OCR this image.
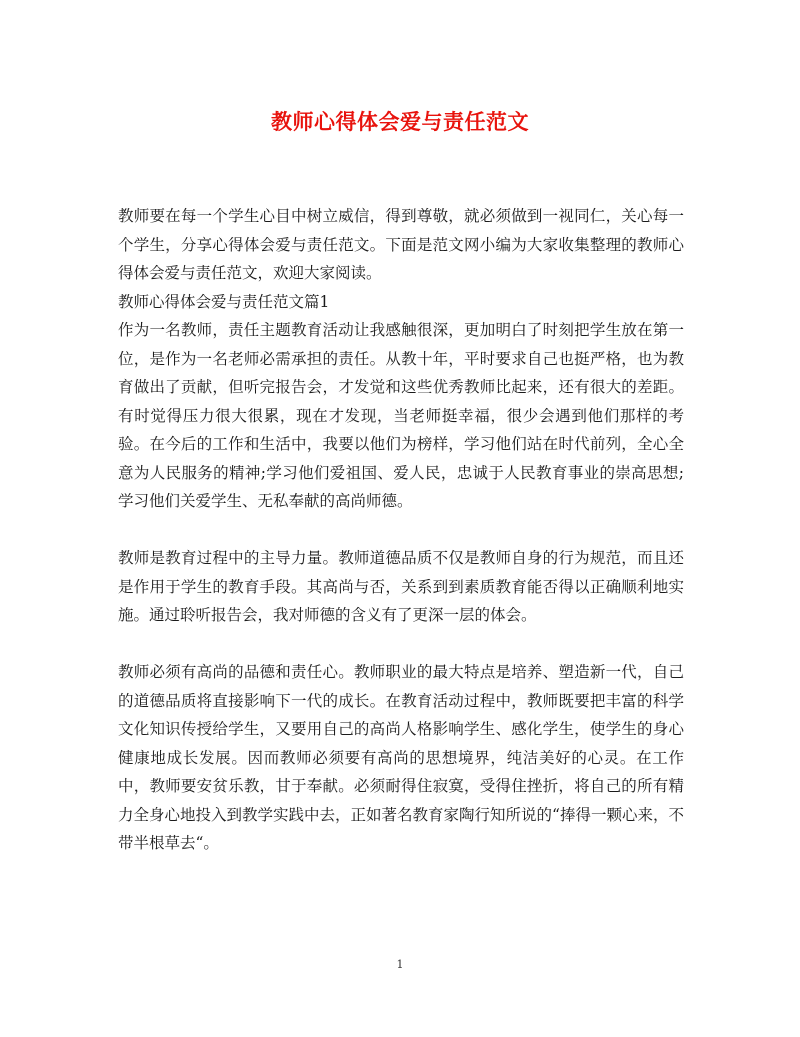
教师心得体会爱与责任范文

教师要在每一个学生心目中树立威信，得到尊敬，就必须做到一视同仁，关心每一个学生，分享心得体会爱与责任范文。下面是范文网小编为大家收集整理的教师心得体会爱与责任范文，欢迎大家阅读。

教师心得体会爱与责任范文篇1

作为一名教师，责任主题教育活动让我感触很深，更加明白了时刻把学生放在第一位，是作为一名老师必需承担的责任。从教十年，平时要求自己也挺严格，也为教育做出了贡献，但听完报告会，才发觉和这些优秀教师比起来，还有很大的差距。有时觉得压力很大很累，现在才发现，当老师挺幸福，很少会遇到他们那样的考验。在今后的工作和生活中，我要以他们为榜样，学习他们站在时代前列，全心全意为人民服务的精神;学习他们爱祖国、爱人民，忠诚于人民教育事业的崇高思想;学习他们关爱学生、无私奉献的高尚师德。

教师是教育过程中的主导力量。教师道德品质不仅是教师自身的行为规范，而且还是作用于学生的教育手段。其高尚与否，关系到到素质教育能否得以正确顺利地实施。通过聆听报告会，我对师德的含义有了更深一层的体会。

教师必须有高尚的品德和责任心。教师职业的最大特点是培养、塑造新一代，自己的道德品质将直接影响下一代的成长。在教育活动过程中，教师既要把丰富的科学文化知识传授给学生，又要用自己的高尚人格影响学生、感化学生，使学生的身心健康地成长发展。因而教师必须要有高尚的思想境界，纯洁美好的心灵。在工作中，教师要安贫乐教，甘于奉献。必须耐得住寂寞，受得住挫折，将自己的所有精力全身心地投入到教学实践中去，正如著名教育家陶行知所说的“捧得一颗心来，不带半根草去“。

1
